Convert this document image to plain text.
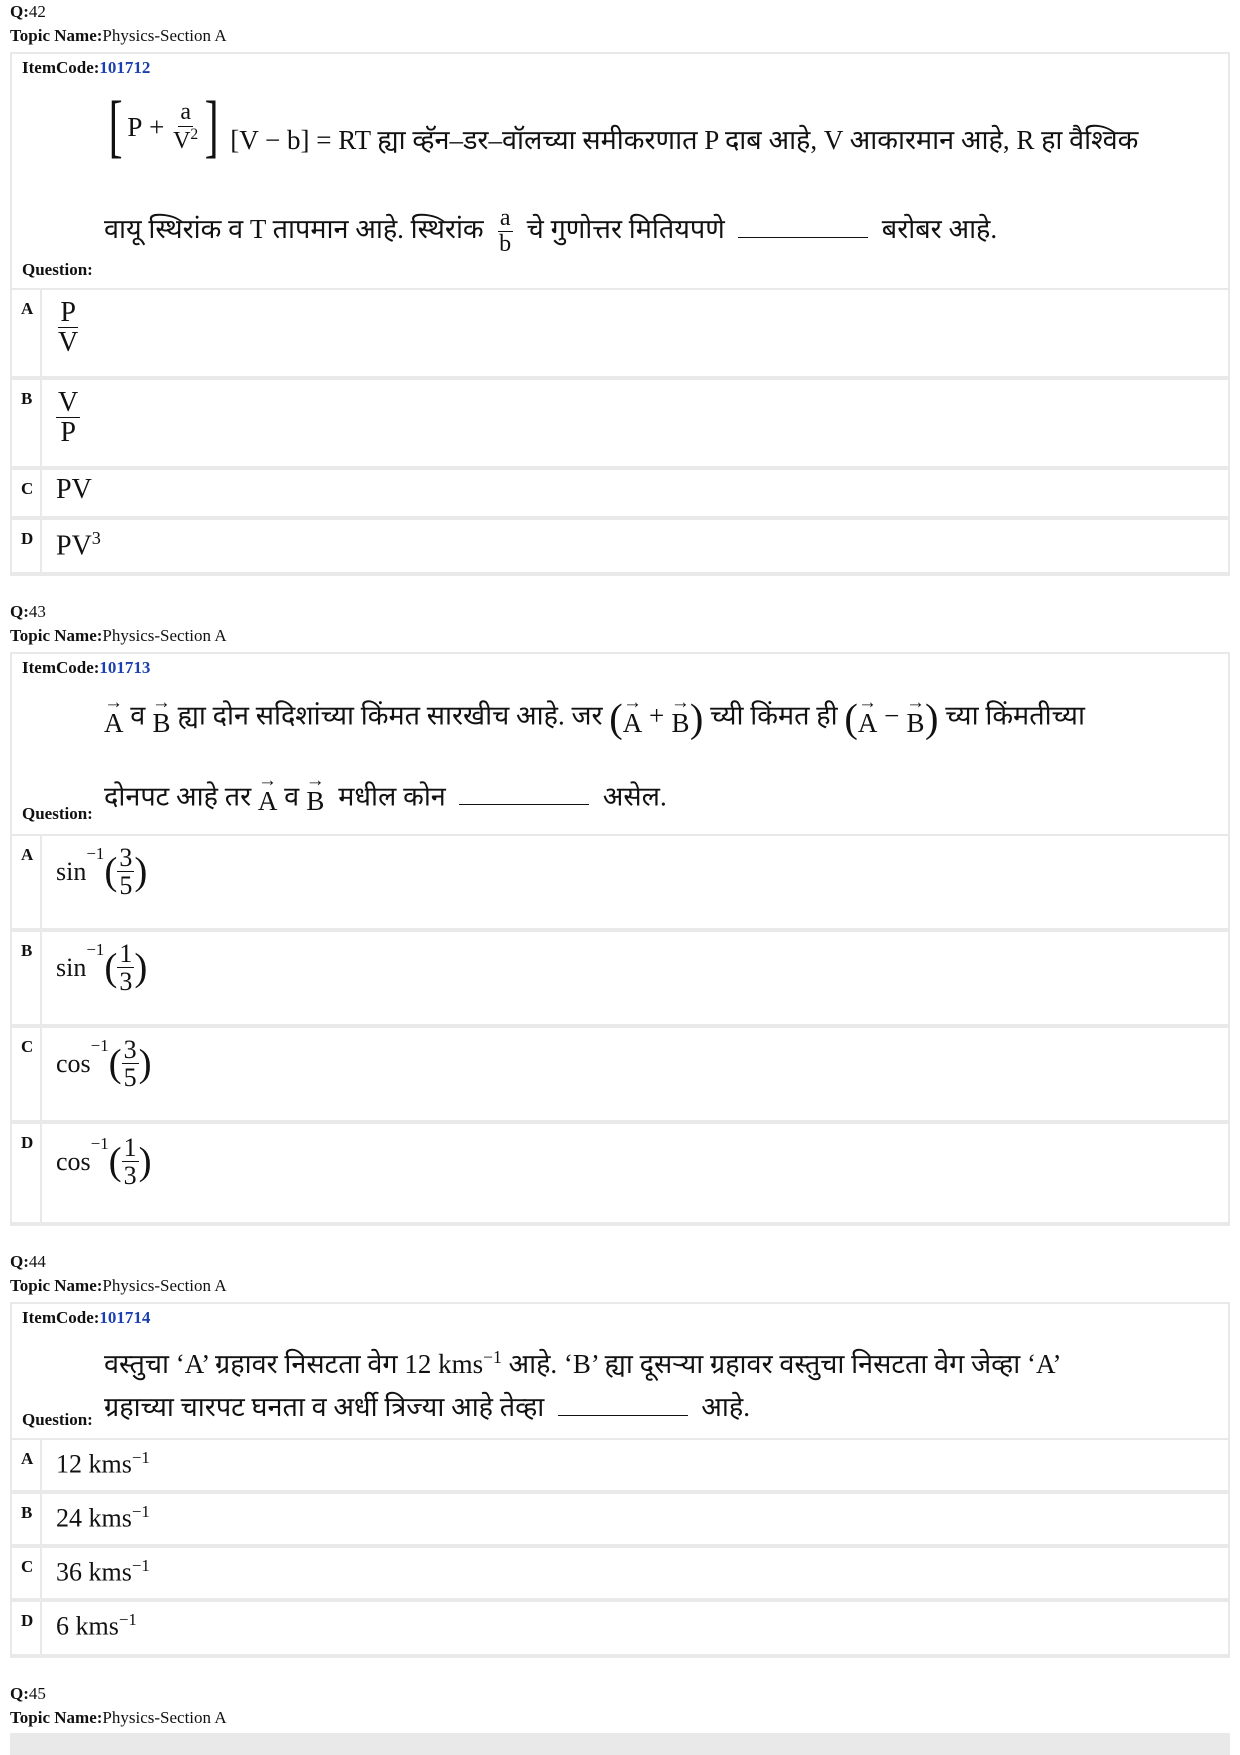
Q:42
Topic Name:Physics-Section A
ItemCode:101712
[ $P + \frac{a}{V^2}$ ] [V − b] = RT ह्या व्हॅन–डर–वॉलच्या समीकरणात P दाब आहे, V आकारमान आहे, R हा वैश्विक
वायू स्थिरांक व T तापमान आहे. स्थिरांक $\frac{a}{b}$ चे गुणोत्तर मितियपणे	बरोबर आहे.
Question:
A $\frac{P}{V}$
B $\frac{V}{P}$
C PV
D $PV^3$
Q:43
Topic Name:Physics-Section A
ItemCode:101713
→
A व →
B ह्या दोन सदिशांच्या किंमत सारखीच आहे. जर ( →
A + →
B ) च्यी किंमत ही ( →
A − →
B ) च्या किंमतीच्या
दोनपट आहे तर
→
A व
→
B मधील कोन	असेल.
Question:
A
sin
$^{-1}$ ( $\frac{3}{5}$ )
B
sin
$^{-1}$ ( $\frac{1}{3}$ )
C
cos
$^{-1}$ ( $\frac{3}{5}$ )
D
cos
$^{-1}$ ( $\frac{1}{3}$ )
Q:44
Topic Name:Physics-Section A
ItemCode:101714
वस्तुचा ‘A’ ग्रहावर निसटता वेग 12 kms$^{-1}$ आहे. ‘B’ ह्या दूसऱ्या ग्रहावर वस्तुचा निसटता वेग जेव्हा ‘A’
ग्रहाच्या चारपट घनता व अर्धी त्रिज्या आहे तेव्हा	आहे.
Question:
A 12 kms$^{-1}$
B 24 kms$^{-1}$
C 36 kms$^{-1}$
D 6 kms$^{-1}$
Q:45
Topic Name:Physics-Section A
